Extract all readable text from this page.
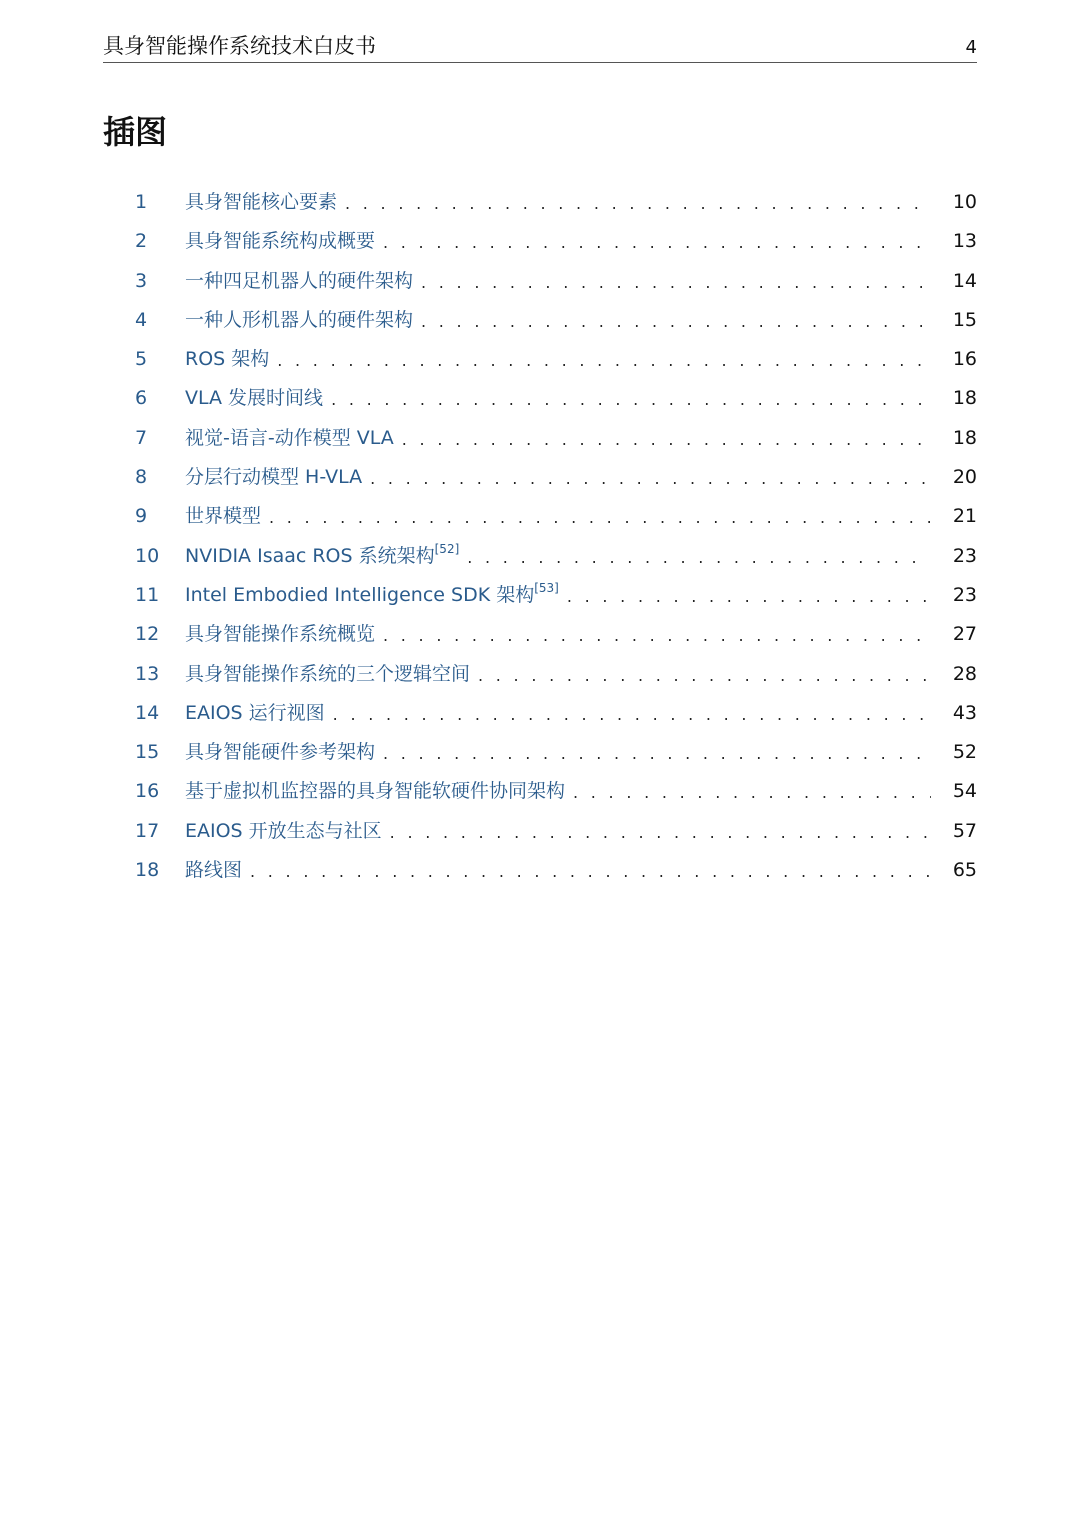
具身智能操作系统技术白皮书	4
插图
1 具身智能核心要素 . . .	10
2 具身智能系统构成概要 . . .	13
3 一种四足机器人的硬件架构 . . .	14
4 一种人形机器人的硬件架构 . . .	15
5 ROS 架构 . . .	16
6 VLA 发展时间线 . . .	18
7 视觉-语言-动作模型 VLA . . .	18
8 分层行动模型 H-VLA . . .	20
9 世界模型 . . .	21
10 NVIDIA Isaac ROS 系统架构[52] . . .	23
11 Intel Embodied Intelligence SDK 架构[53] . . .	23
12 具身智能操作系统概览 . . .	27
13 具身智能操作系统的三个逻辑空间 . . .	28
14 EAIOS 运行视图 . . .	43
15 具身智能硬件参考架构 . . .	52
16 基于虚拟机监控器的具身智能软硬件协同架构 . . .	54
17 EAIOS 开放生态与社区 . . .	57
18 路线图 . . .	65
